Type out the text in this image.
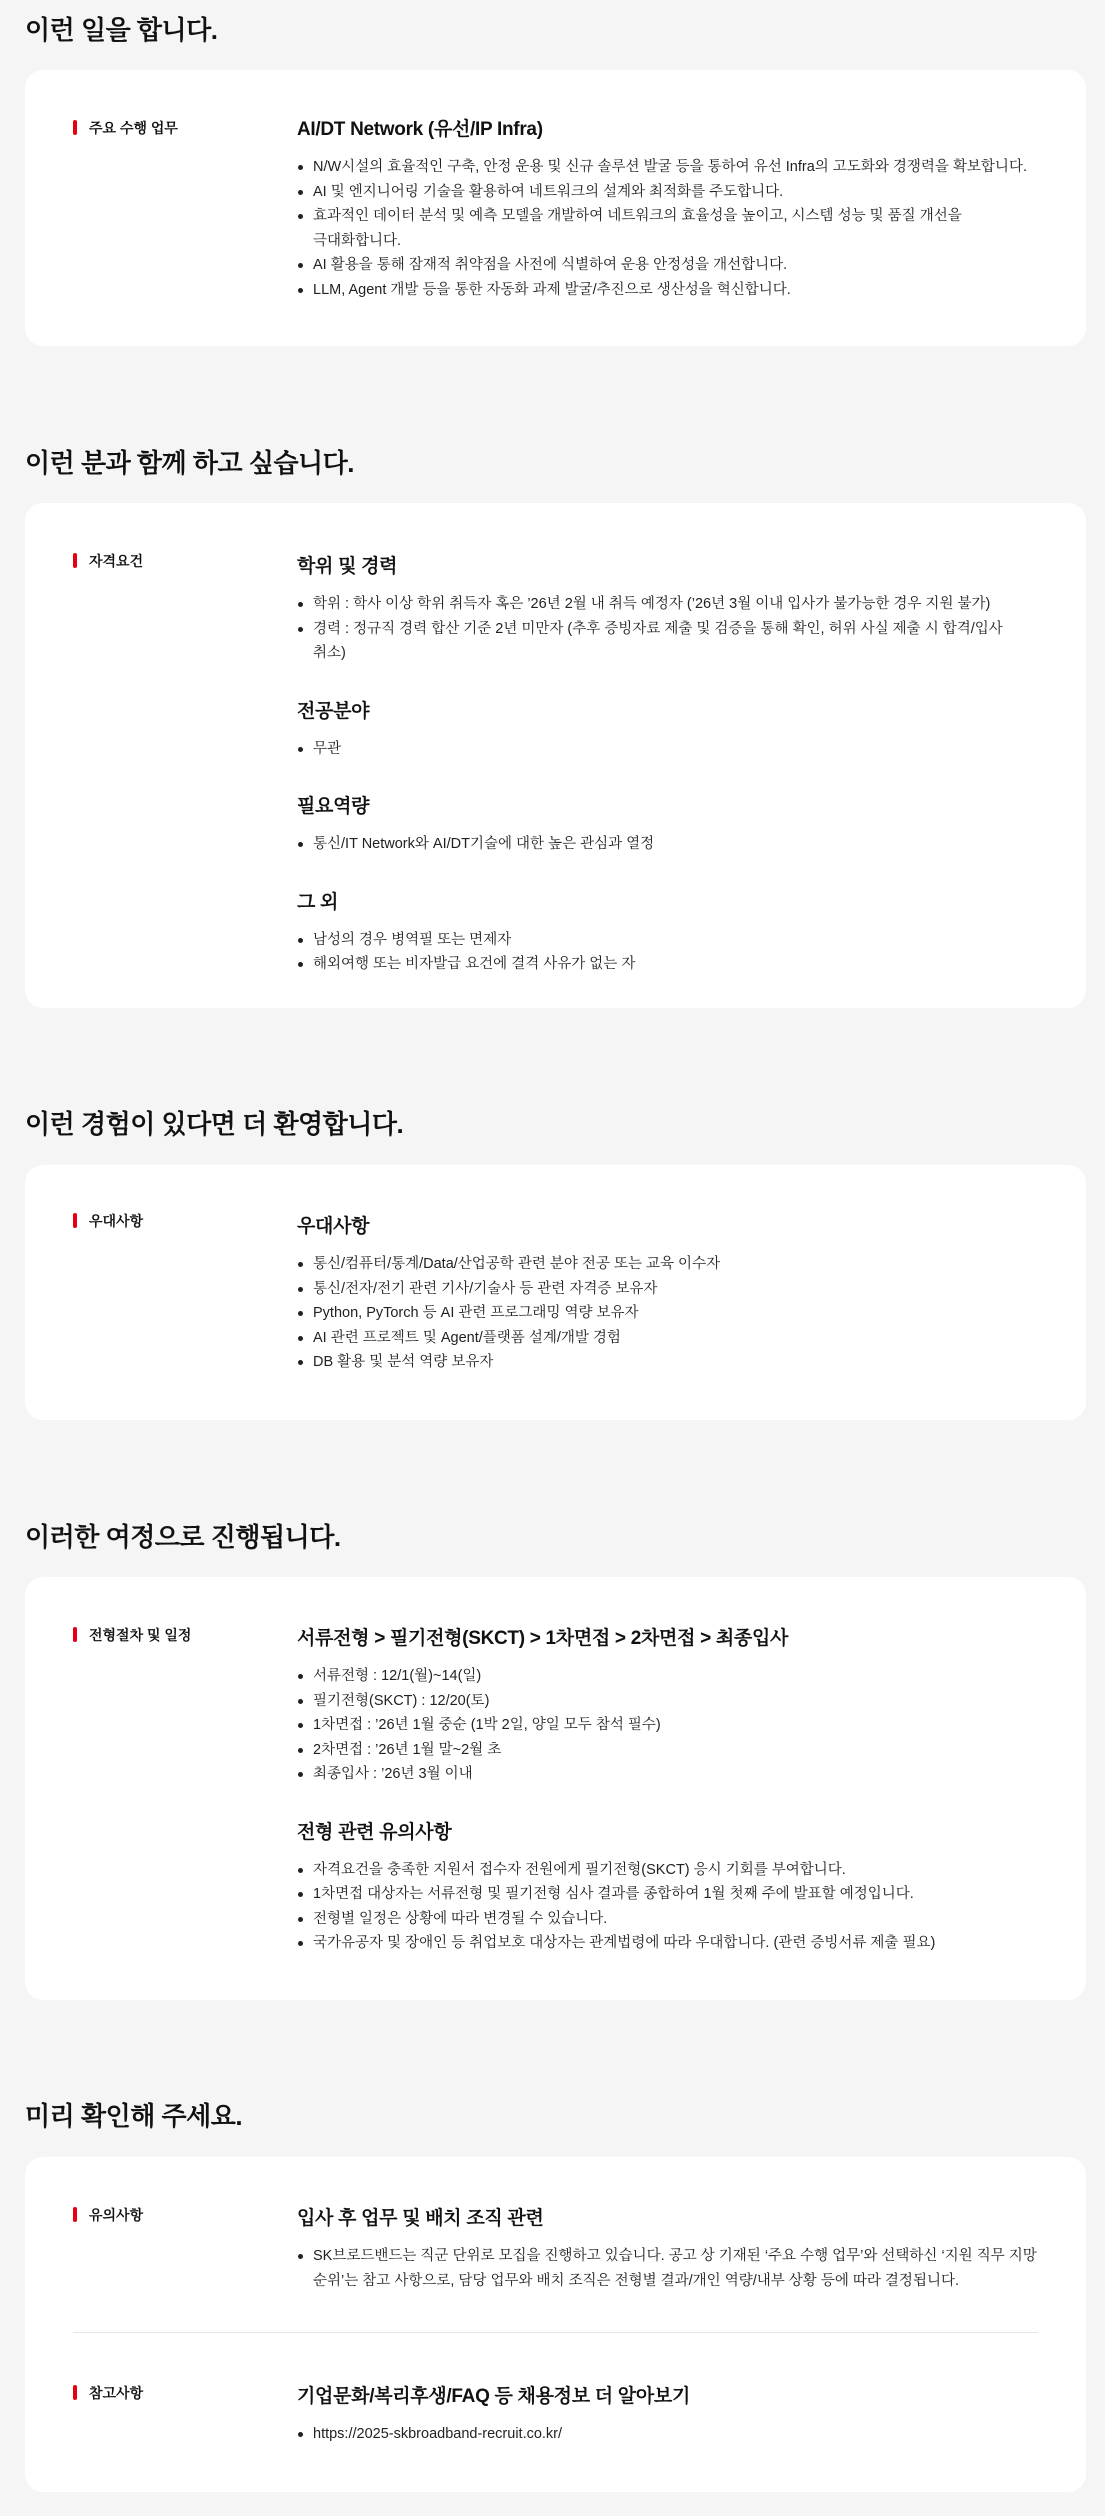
이런 일을 합니다.
주요 수행 업무	AI/DT Network (유선/IP Infra)
N/W시설의 효율적인 구축, 안정 운용 및 신규 솔루션 발굴 등을 통하여 유선 Infra의 고도화와 경쟁력을 확보합니다.
AI 및 엔지니어링 기술을 활용하여 네트워크의 설계와 최적화를 주도합니다.
효과적인 데이터 분석 및 예측 모델을 개발하여 네트워크의 효율성을 높이고, 시스템 성능 및 품질 개선을 극대화합니다.
AI 활용을 통해 잠재적 취약점을 사전에 식별하여 운용 안정성을 개선합니다.
LLM, Agent 개발 등을 통한 자동화 과제 발굴/추진으로 생산성을 혁신합니다.
이런 분과 함께 하고 싶습니다.
자격요건	학위 및 경력
학위 : 학사 이상 학위 취득자 혹은 ’26년 2월 내 취득 예정자 (’26년 3월 이내 입사가 불가능한 경우 지원 불가)
경력 : 정규직 경력 합산 기준 2년 미만자 (추후 증빙자료 제출 및 검증을 통해 확인, 허위 사실 제출 시 합격/입사 취소)
전공분야
무관
필요역량
통신/IT Network와 AI/DT기술에 대한 높은 관심과 열정
그 외
남성의 경우 병역필 또는 면제자
해외여행 또는 비자발급 요건에 결격 사유가 없는 자
이런 경험이 있다면 더 환영합니다.
우대사항	우대사항
통신/컴퓨터/통계/Data/산업공학 관련 분야 전공 또는 교육 이수자
통신/전자/전기 관련 기사/기술사 등 관련 자격증 보유자
Python, PyTorch 등 AI 관련 프로그래밍 역량 보유자
AI 관련 프로젝트 및 Agent/플랫폼 설계/개발 경험
DB 활용 및 분석 역량 보유자
이러한 여정으로 진행됩니다.
전형절차 및 일정	서류전형 > 필기전형(SKCT) > 1차면접 > 2차면접 > 최종입사
서류전형 : 12/1(월)~14(일)
필기전형(SKCT) : 12/20(토)
1차면접 : ’26년 1월 중순 (1박 2일, 양일 모두 참석 필수)
2차면접 : ’26년 1월 말~2월 초
최종입사 : ’26년 3월 이내
전형 관련 유의사항
자격요건을 충족한 지원서 접수자 전원에게 필기전형(SKCT) 응시 기회를 부여합니다.
1차면접 대상자는 서류전형 및 필기전형 심사 결과를 종합하여 1월 첫째 주에 발표할 예정입니다.
전형별 일정은 상황에 따라 변경될 수 있습니다.
국가유공자 및 장애인 등 취업보호 대상자는 관계법령에 따라 우대합니다. (관련 증빙서류 제출 필요)
미리 확인해 주세요.
유의사항	입사 후 업무 및 배치 조직 관련
SK브로드밴드는 직군 단위로 모집을 진행하고 있습니다. 공고 상 기재된 ‘주요 수행 업무’와 선택하신 ‘지원 직무 지망 순위’는 참고 사항으로, 담당 업무와 배치 조직은 전형별 결과/개인 역량/내부 상황 등에 따라 결정됩니다.
참고사항	기업문화/복리후생/FAQ 등 채용정보 더 알아보기
https://2025-skbroadband-recruit.co.kr/
